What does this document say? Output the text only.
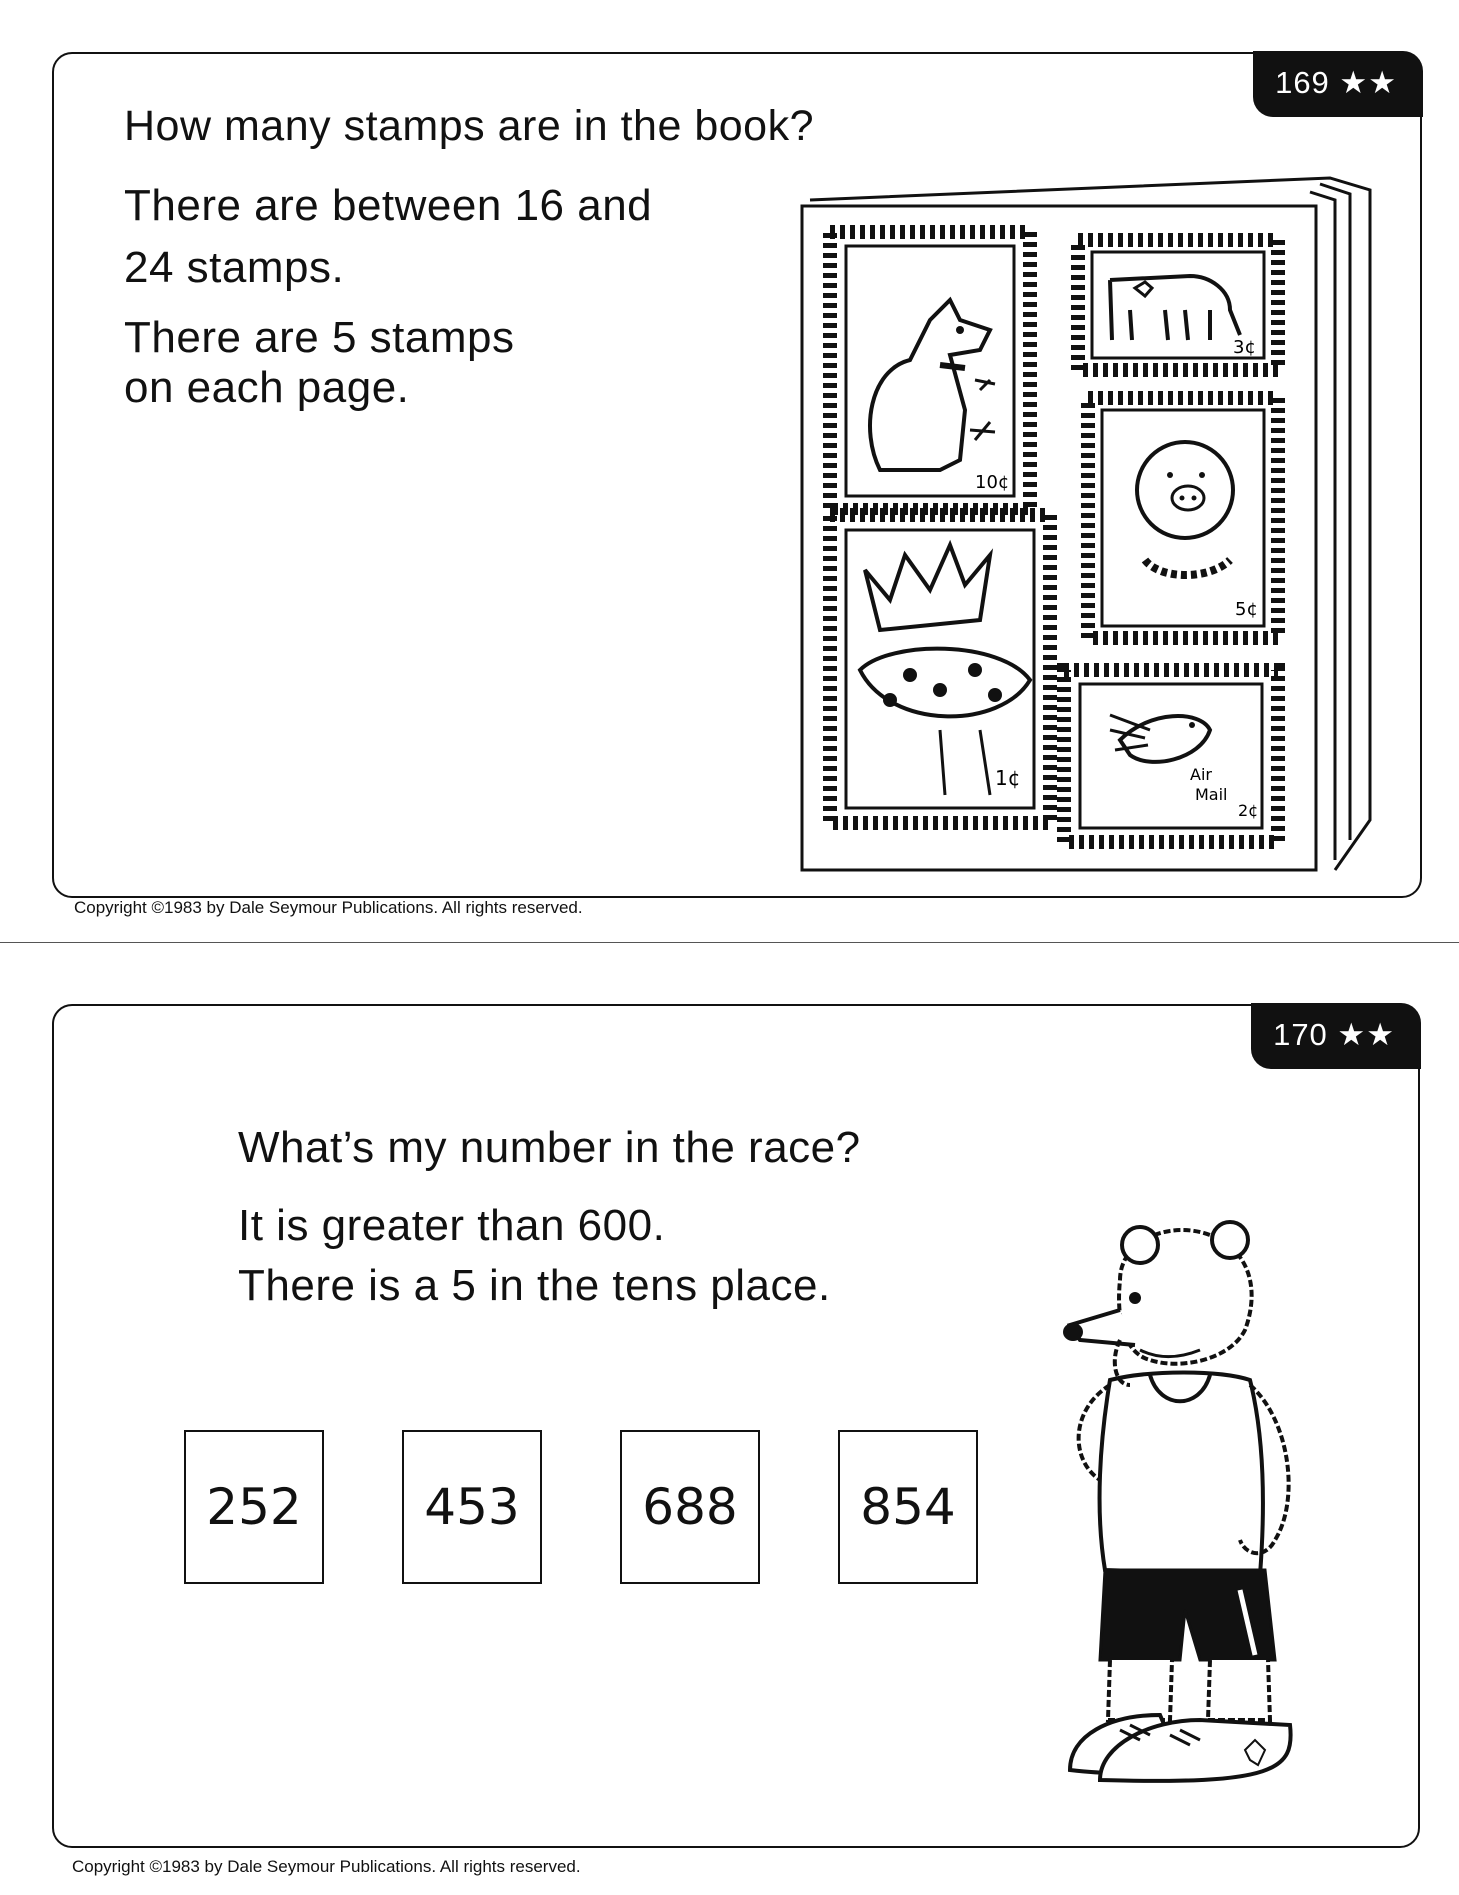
169 ★★
How many stamps are in the book?
There are between 16 and
24 stamps.
There are 5 stamps
on each page.
10¢
3¢
5¢
1¢	Air
Mail
2¢
Copyright ©1983 by Dale Seymour Publications. All rights reserved.
170 ★★
What’s my number in the race?
It is greater than 600.
There is a 5 in the tens place.
252	453	688	854
Copyright ©1983 by Dale Seymour Publications. All rights reserved.
